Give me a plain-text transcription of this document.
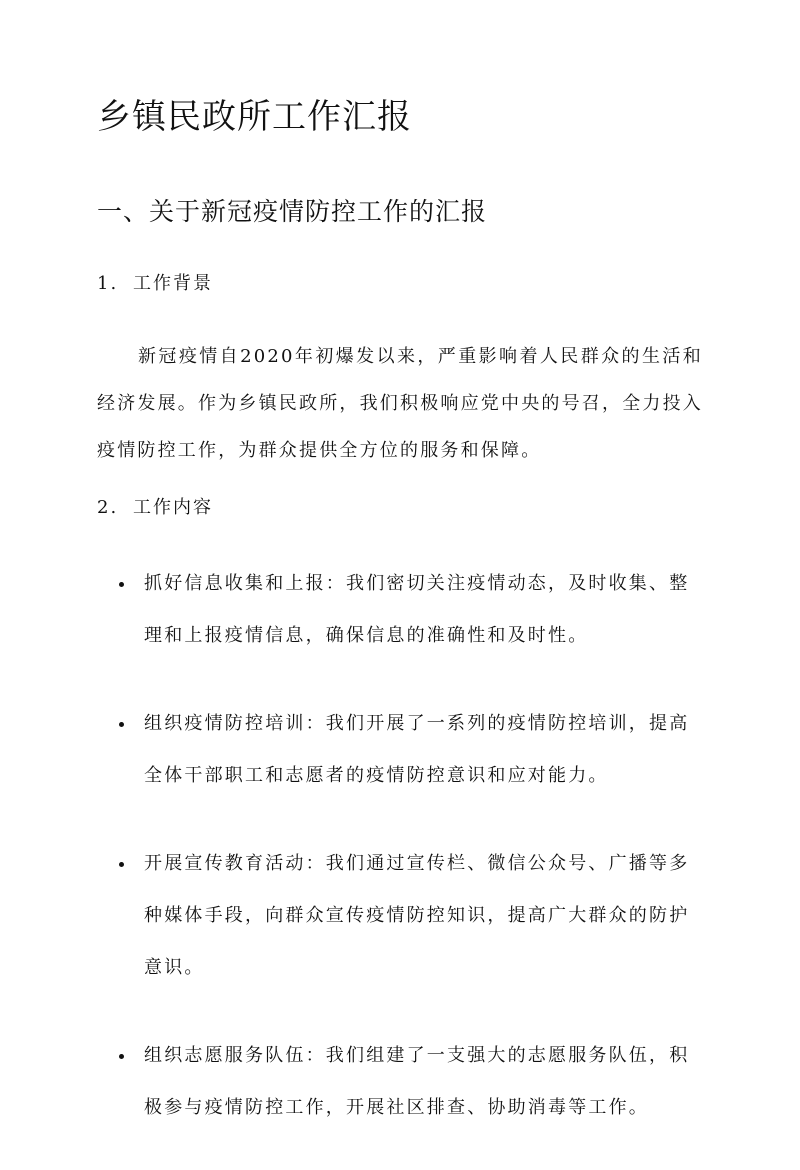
乡镇民政所工作汇报
一、关于新冠疫情防控工作的汇报
1. 工作背景

新冠疫情自2020年初爆发以来，严重影响着人民群众的生活和经济发展。作为乡镇民政所，我们积极响应党中央的号召，全力投入疫情防控工作，为群众提供全方位的服务和保障。

2. 工作内容
抓好信息收集和上报：我们密切关注疫情动态，及时收集、整理和上报疫情信息，确保信息的准确性和及时性。
组织疫情防控培训：我们开展了一系列的疫情防控培训，提高全体干部职工和志愿者的疫情防控意识和应对能力。
开展宣传教育活动：我们通过宣传栏、微信公众号、广播等多种媒体手段，向群众宣传疫情防控知识，提高广大群众的防护意识。
组织志愿服务队伍：我们组建了一支强大的志愿服务队伍，积极参与疫情防控工作，开展社区排查、协助消毒等工作。
